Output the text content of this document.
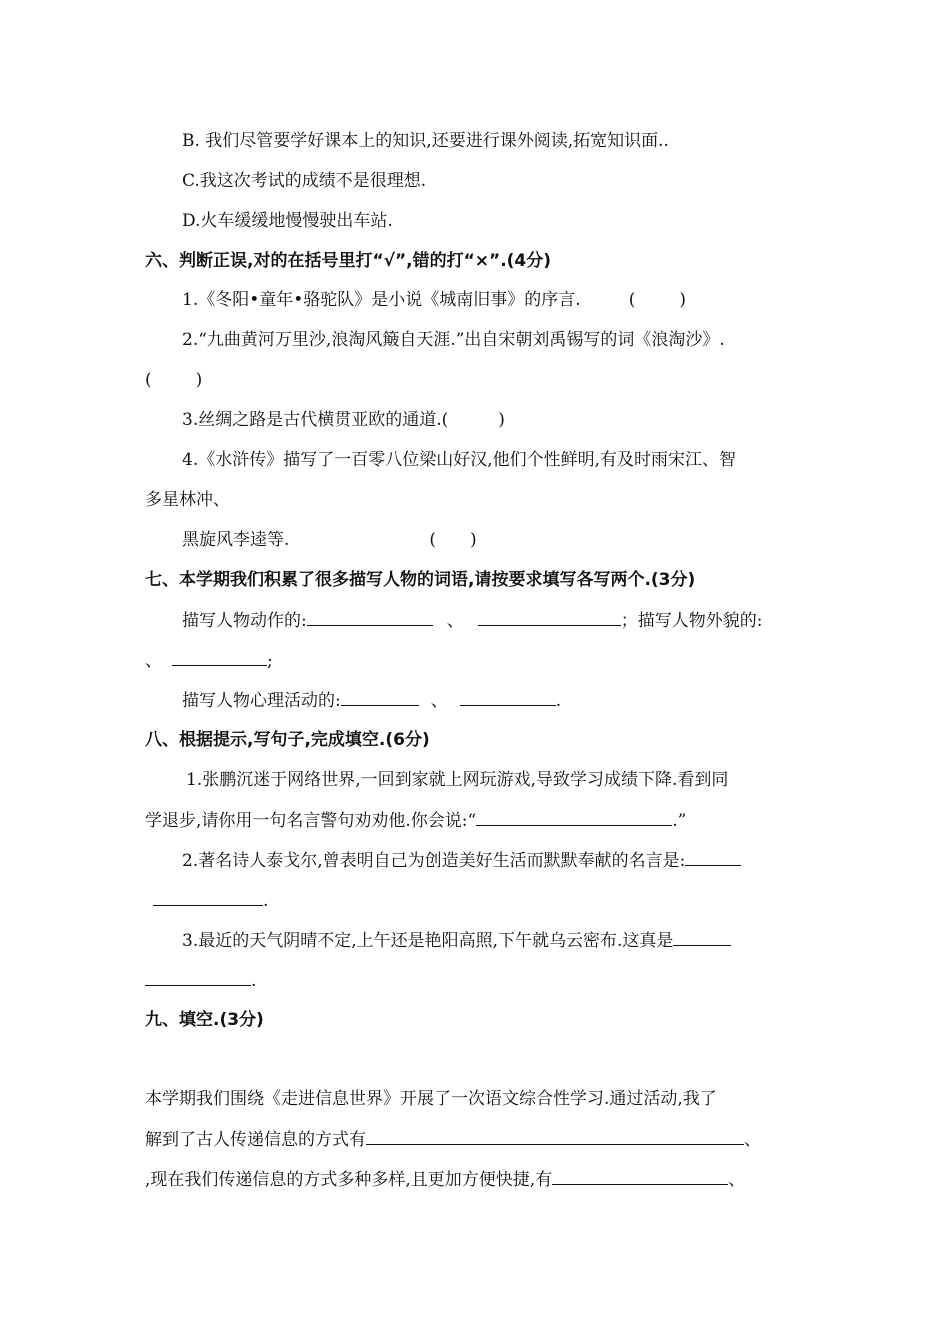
B. 我们尽管要学好课本上的知识,还要进行课外阅读,拓宽知识面..
C.我这次考试的成绩不是很理想.
D.火车缓缓地慢慢驶出车站.
六、判断正误,对的在括号里打“√”,错的打“×”.(4分)
1.《冬阳•童年•骆驼队》是小说《城南旧事》的序言.	(	)
2.“九曲黄河万里沙,浪淘风簸自天涯.”出自宋朝刘禹锡写的词《浪淘沙》.
(	)
3.丝绸之路是古代横贯亚欧的通道.(	)
4.《水浒传》描写了一百零八位梁山好汉,他们个性鲜明,有及时雨宋江、智
多星林冲、
黑旋风李逵等.	( )
七、本学期我们积累了很多描写人物的词语,请按要求填写各写两个.(3分)
描写人物动作的:	、	；描写人物外貌的:
、	;
描写人物心理活动的:	、	.
八、根据提示,写句子,完成填空.(6分)
1.张鹏沉迷于网络世界,一回到家就上网玩游戏,导致学习成绩下降.看到同
学退步,请你用一句名言警句劝劝他.你会说:“	.”
2.著名诗人泰戈尔,曾表明自己为创造美好生活而默默奉献的名言是:
.
3.最近的天气阴晴不定,上午还是艳阳高照,下午就乌云密布.这真是
.
九、填空.(3分)
本学期我们围绕《走进信息世界》开展了一次语文综合性学习.通过活动,我了
解到了古人传递信息的方式有	、
,现在我们传递信息的方式多种多样,且更加方便快捷,有	、
